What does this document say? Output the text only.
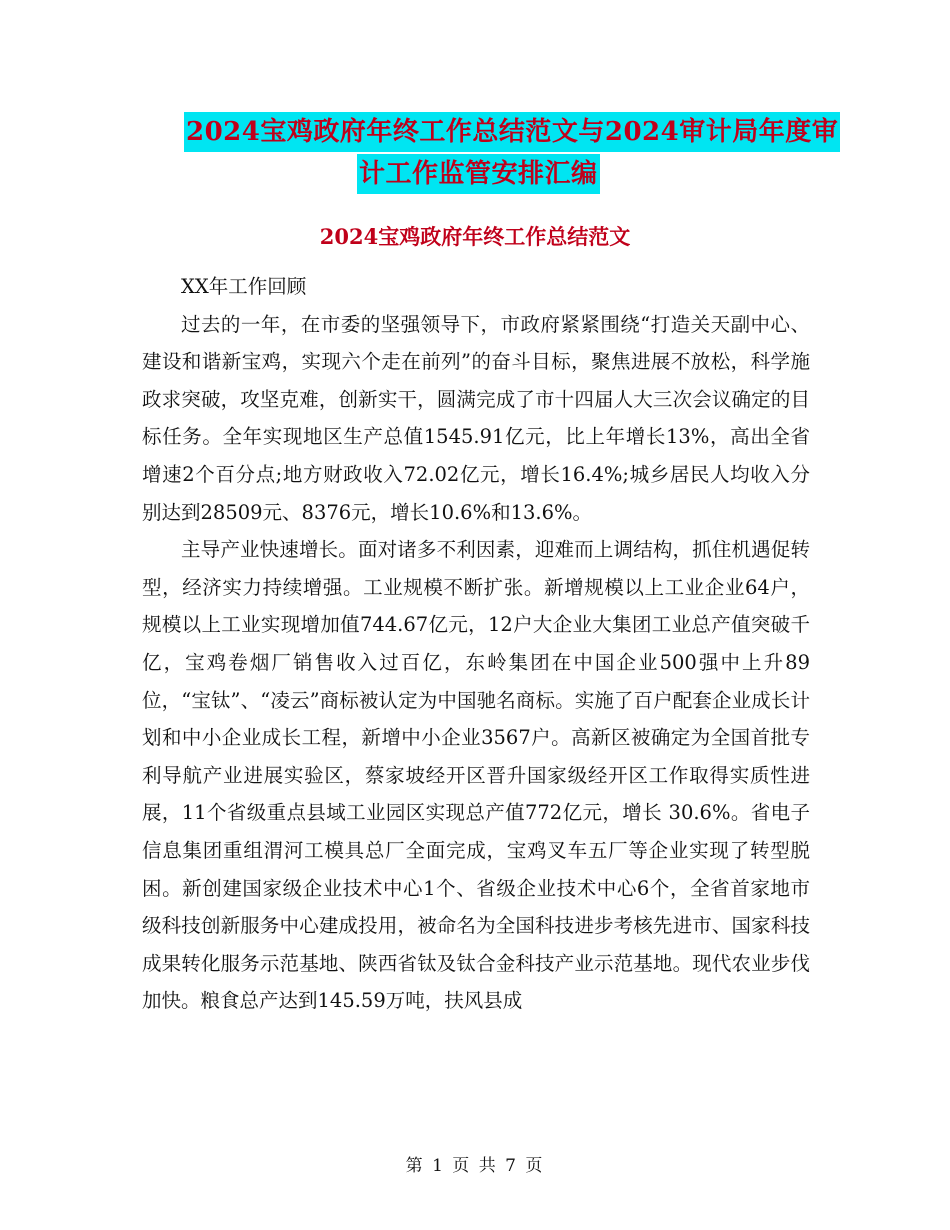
2024宝鸡政府年终工作总结范文与2024审计局年度审
计工作监管安排汇编
2024宝鸡政府年终工作总结范文

XX年工作回顾

过去的一年，在市委的坚强领导下，市政府紧紧围绕“打造关天副中心、建设和谐新宝鸡，实现六个走在前列”的奋斗目标，聚焦进展不放松，科学施政求突破，攻坚克难，创新实干，圆满完成了市十四届人大三次会议确定的目标任务。全年实现地区生产总值1545.91亿元，比上年增长13%，高出全省增速2个百分点;地方财政收入72.02亿元，增长16.4%;城乡居民人均收入分别达到28509元、8376元，增长10.6%和13.6%。

主导产业快速增长。面对诸多不利因素，迎难而上调结构，抓住机遇促转型，经济实力持续增强。工业规模不断扩张。新增规模以上工业企业64户，规模以上工业实现增加值744.67亿元，12户大企业大集团工业总产值突破千亿，宝鸡卷烟厂销售收入过百亿，东岭集团在中国企业500强中上升89位，“宝钛”、“凌云”商标被认定为中国驰名商标。实施了百户配套企业成长计划和中小企业成长工程，新增中小企业3567户。高新区被确定为全国首批专利导航产业进展实验区，蔡家坡经开区晋升国家级经开区工作取得实质性进展，11个省级重点县域工业园区实现总产值772亿元，增长 30.6%。省电子信息集团重组渭河工模具总厂全面完成，宝鸡叉车五厂等企业实现了转型脱困。新创建国家级企业技术中心1个、省级企业技术中心6个，全省首家地市级科技创新服务中心建成投用，被命名为全国科技进步考核先进市、国家科技成果转化服务示范基地、陕西省钛及钛合金科技产业示范基地。现代农业步伐加快。粮食总产达到145.59万吨，扶风县成

第 1 页 共 7 页
